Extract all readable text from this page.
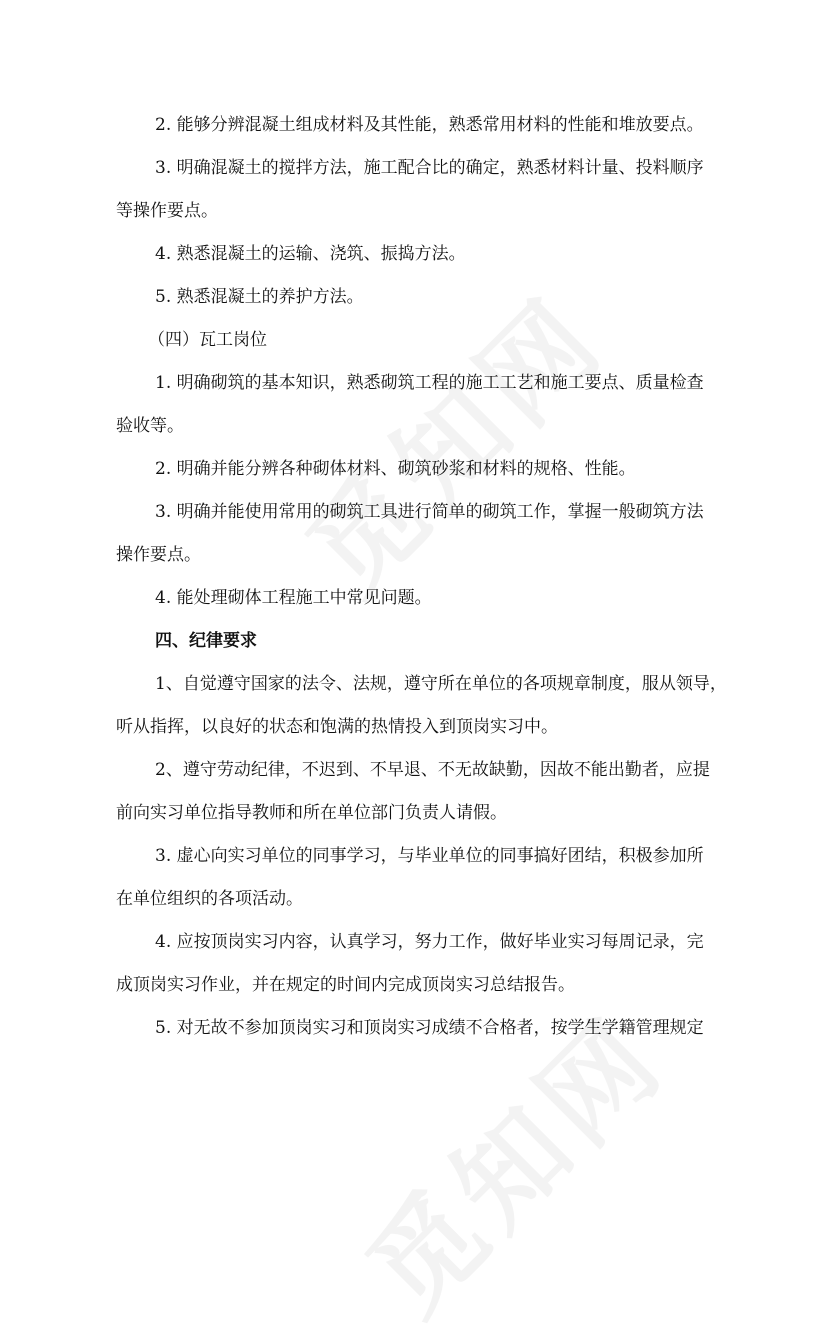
2. 能够分辨混凝土组成材料及其性能，熟悉常用材料的性能和堆放要点。
3. 明确混凝土的搅拌方法，施工配合比的确定，熟悉材料计量、投料顺序
等操作要点。
4. 熟悉混凝土的运输、浇筑、振捣方法。
5. 熟悉混凝土的养护方法。
（四）瓦工岗位
1. 明确砌筑的基本知识，熟悉砌筑工程的施工工艺和施工要点、质量检查
验收等。
2. 明确并能分辨各种砌体材料、砌筑砂浆和材料的规格、性能。
3. 明确并能使用常用的砌筑工具进行简单的砌筑工作，掌握一般砌筑方法
操作要点。
4. 能处理砌体工程施工中常见问题。
四、纪律要求
1、自觉遵守国家的法令、法规，遵守所在单位的各项规章制度，服从领导，
听从指挥，以良好的状态和饱满的热情投入到顶岗实习中。
2、遵守劳动纪律，不迟到、不早退、不无故缺勤，因故不能出勤者，应提
前向实习单位指导教师和所在单位部门负责人请假。
3. 虚心向实习单位的同事学习，与毕业单位的同事搞好团结，积极参加所
在单位组织的各项活动。
4. 应按顶岗实习内容，认真学习，努力工作，做好毕业实习每周记录，完
成顶岗实习作业，并在规定的时间内完成顶岗实习总结报告。
5. 对无故不参加顶岗实习和顶岗实习成绩不合格者，按学生学籍管理规定
